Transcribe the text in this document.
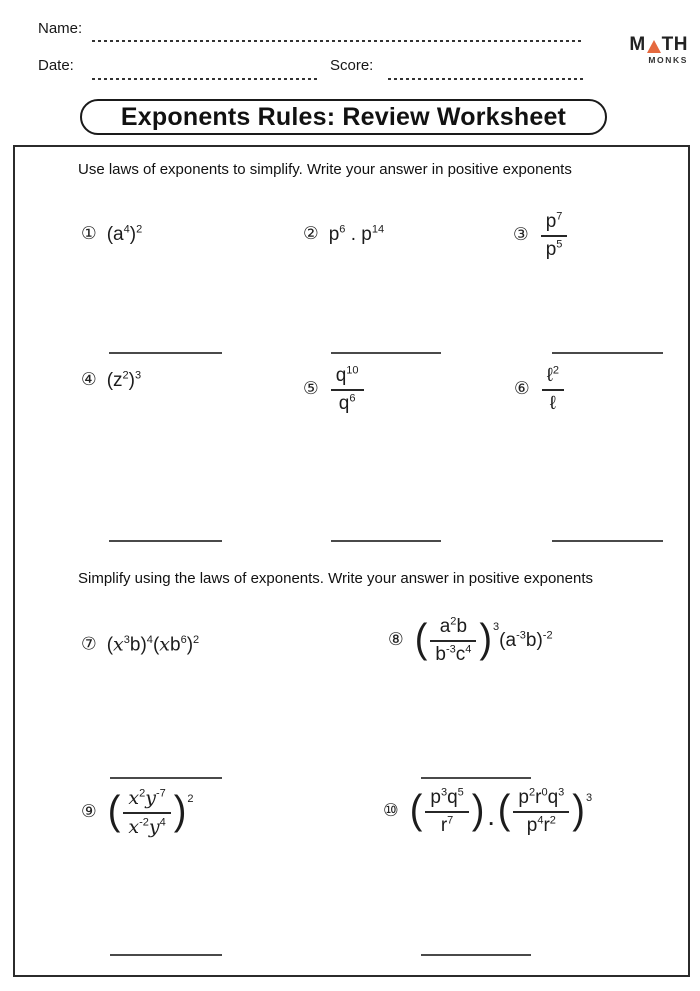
Name:
Date:	Score:
M TH
MONKS
Exponents Rules: Review Worksheet
Use laws of exponents to simplify. Write your answer in positive exponents
① $(a^4)^2$	② $p^6$ . $p^{14}$	③ $\frac{p^7}{p^5}$
④ $(z^2)^3$
⑤ $\frac{q^{10}}{q^6}$	⑥ $\frac{\ell^2}{\text{ℓ}}$
Simplify using the laws of exponents. Write your answer in positive exponents
⑦ $(x^3b)^4(xb^6)^2$	⑧ ( $\frac{a^2b}{b^{-3}c^4} )^3(a^{-3}b)^{-2}$
⑨ ( $\frac{x^2y^{-7}}{x^{-2}y^4} )^2$
⑩ ( $\frac{p^3q^5}{r^7}$ ) . ( $\frac{p^2r^0q^3}{p^4r^2} )^3$
